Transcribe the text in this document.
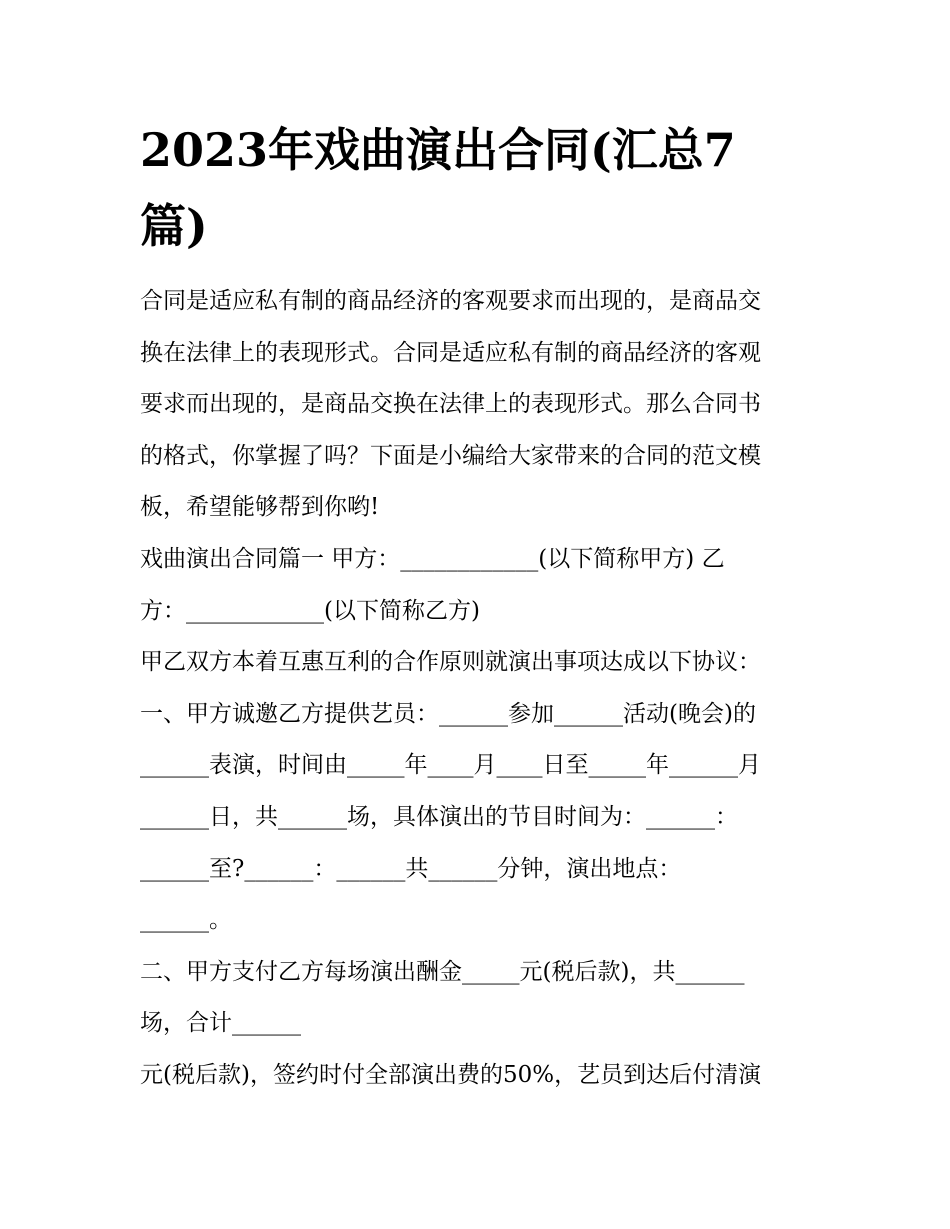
2023年戏曲演出合同(汇总7
篇)
合同是适应私有制的商品经济的客观要求而出现的，是商品交
换在法律上的表现形式。合同是适应私有制的商品经济的客观
要求而出现的，是商品交换在法律上的表现形式。那么合同书
的格式，你掌握了吗？下面是小编给大家带来的合同的范文模
板，希望能够帮到你哟!
戏曲演出合同篇一 甲方：____________(以下简称甲方) 乙
方：____________(以下简称乙方)
甲乙双方本着互惠互利的合作原则就演出事项达成以下协议：
一、甲方诚邀乙方提供艺员：______参加______活动(晚会)的
______表演，时间由_____年____月____日至_____年______月
______日，共______场，具体演出的节目时间为：______：
______至?______：______共______分钟，演出地点：
______。
二、甲方支付乙方每场演出酬金_____元(税后款)，共______
场，合计______
元(税后款)，签约时付全部演出费的50%，艺员到达后付清演
